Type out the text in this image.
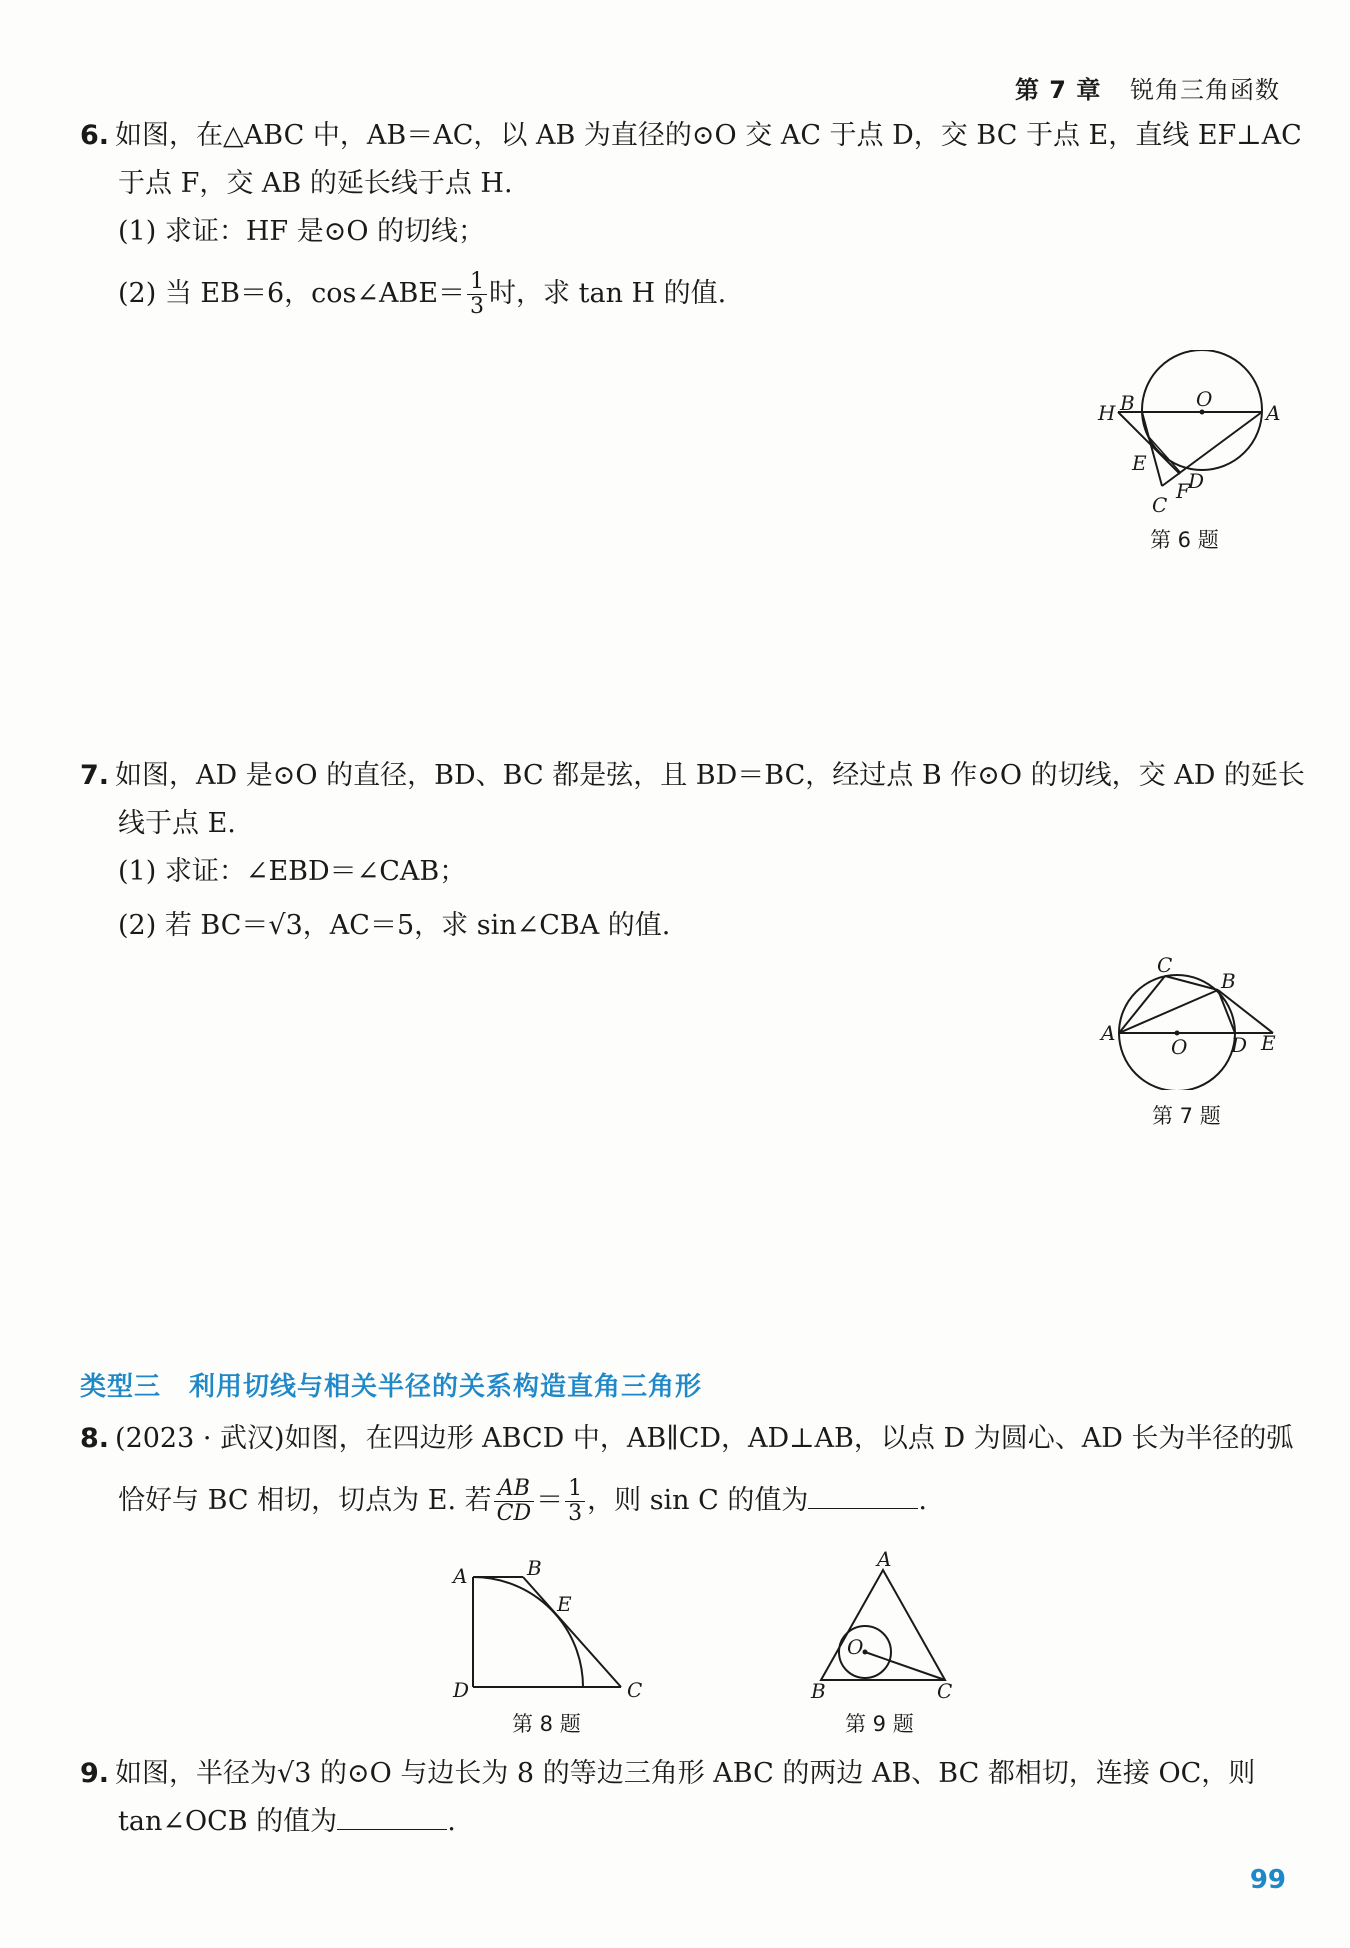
第 7 章 锐角三角函数
6. 如图，在△ABC 中，AB＝AC，以 AB 为直径的⊙O 交 AC 于点 D，交 BC 于点 E，直线 EF⊥AC
于点 F，交 AB 的延长线于点 H.
(1) 求证：HF 是⊙O 的切线；
(2) 当 EB＝6，cos∠ABE＝ $\frac{1}{3}$ 时，求 tan H 的值.
H B	O
A
E
F
D
C
第 6 题
7. 如图，AD 是⊙O 的直径，BD、BC 都是弦，且 BD＝BC，经过点 B 作⊙O 的切线，交 AD 的延长
线于点 E.
(1) 求证：∠EBD＝∠CAB；
(2) 若 BC＝√3，AC＝5，求 sin∠CBA 的值.
C
B
A
O D E
第 7 题
类型三 利用切线与相关半径的关系构造直角三角形
8. (2023 · 武汉)如图，在四边形 ABCD 中，AB∥CD，AD⊥AB，以点 D 为圆心、AD 长为半径的弧
恰好与 BC 相切，切点为 E. 若 $\frac{AB}{CD} = \frac{1}{3}$ ，则 sin C 的值为	.
A	B
E
D	C
第 8 题
A
O
B	C
第 9 题
9. 如图，半径为√3 的⊙O 与边长为 8 的等边三角形 ABC 的两边 AB、BC 都相切，连接 OC，则
tan∠OCB 的值为	.
99
